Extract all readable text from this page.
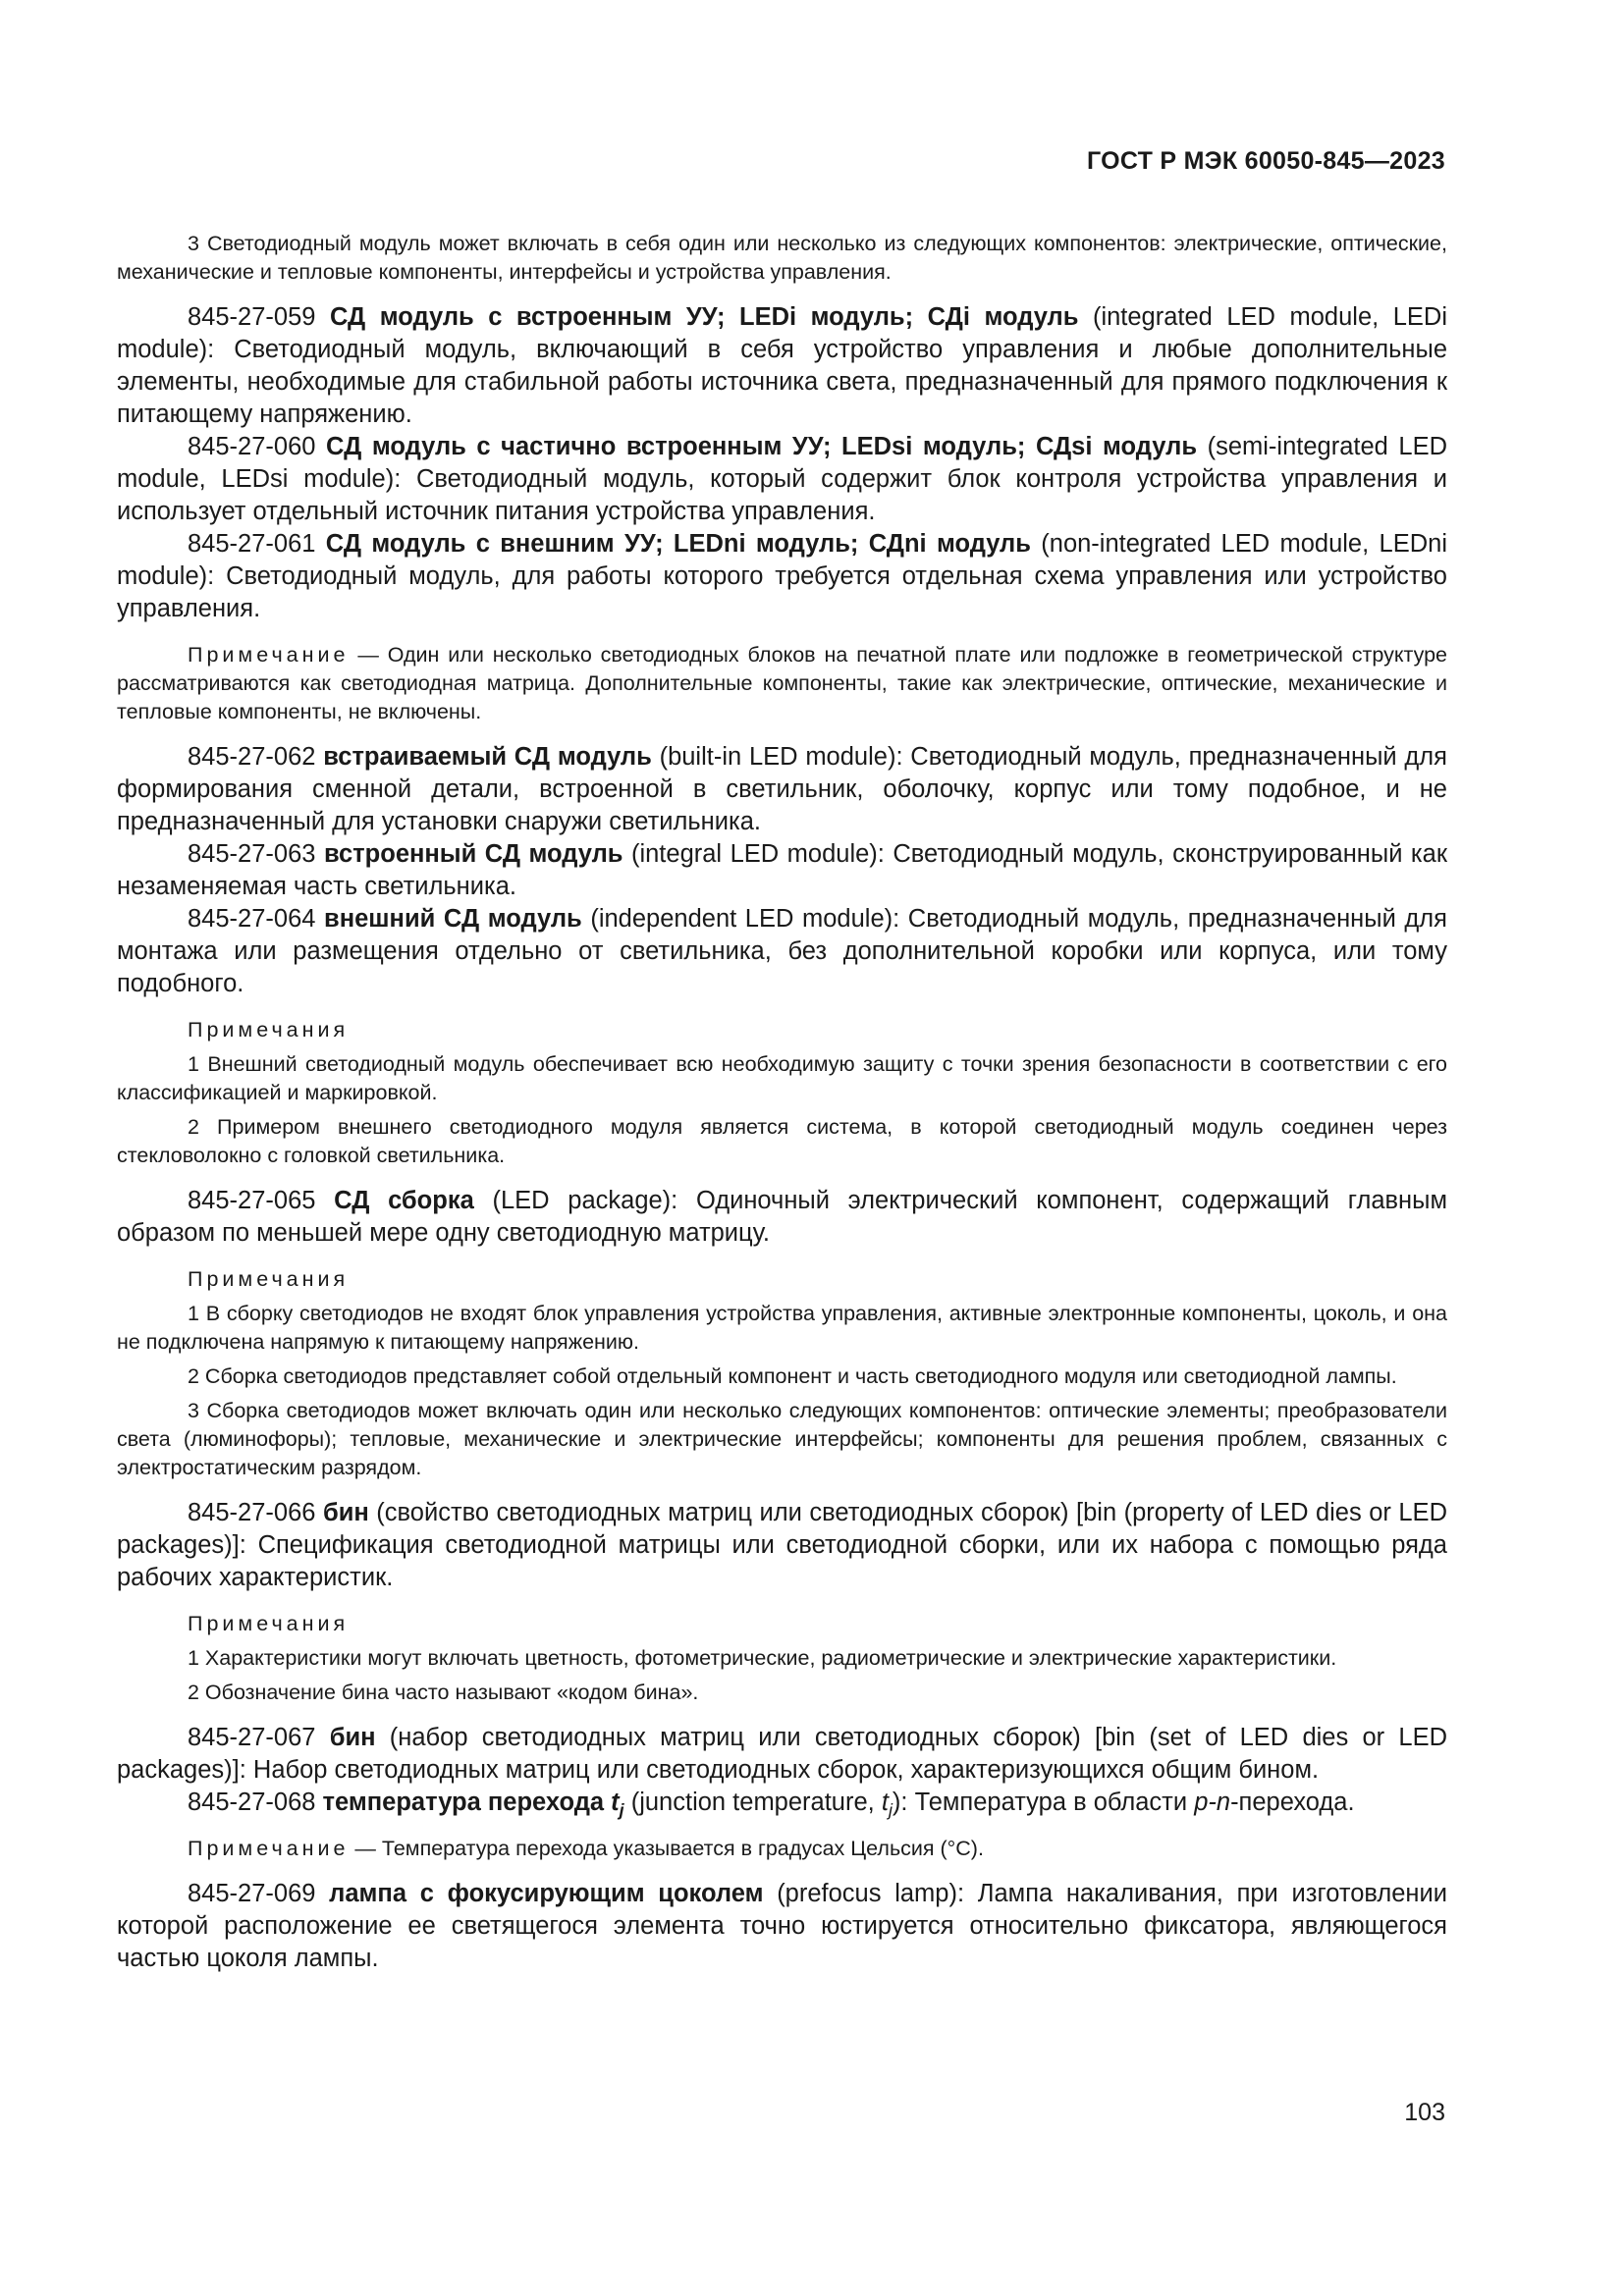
ГОСТ Р МЭК 60050-845—2023

3 Светодиодный модуль может включать в себя один или несколько из следующих компонентов: электрические, оптические, механические и тепловые компоненты, интерфейсы и устройства управления.

845-27-059 СД модуль с встроенным УУ; LEDi модуль; СДi модуль (integrated LED module, LEDi module): Светодиодный модуль, включающий в себя устройство управления и любые дополнительные элементы, необходимые для стабильной работы источника света, предназначенный для прямого подключения к питающему напряжению.

845-27-060 СД модуль с частично встроенным УУ; LEDsi модуль; СДsi модуль (semi-integrated LED module, LEDsi module): Светодиодный модуль, который содержит блок контроля устройства управления и использует отдельный источник питания устройства управления.

845-27-061 СД модуль с внешним УУ; LEDni модуль; СДni модуль (non-integrated LED module, LEDni module): Светодиодный модуль, для работы которого требуется отдельная схема управления или устройство управления.

Примечание — Один или несколько светодиодных блоков на печатной плате или подложке в геометрической структуре рассматриваются как светодиодная матрица. Дополнительные компоненты, такие как электрические, оптические, механические и тепловые компоненты, не включены.

845-27-062 встраиваемый СД модуль (built-in LED module): Светодиодный модуль, предназначенный для формирования сменной детали, встроенной в светильник, оболочку, корпус или тому подобное, и не предназначенный для установки снаружи светильника.

845-27-063 встроенный СД модуль (integral LED module): Светодиодный модуль, сконструированный как незаменяемая часть светильника.

845-27-064 внешний СД модуль (independent LED module): Светодиодный модуль, предназначенный для монтажа или размещения отдельно от светильника, без дополнительной коробки или корпуса, или тому подобного.

Примечания

1 Внешний светодиодный модуль обеспечивает всю необходимую защиту с точки зрения безопасности в соответствии с его классификацией и маркировкой.

2 Примером внешнего светодиодного модуля является система, в которой светодиодный модуль соединен через стекловолокно с головкой светильника.

845-27-065 СД сборка (LED package): Одиночный электрический компонент, содержащий главным образом по меньшей мере одну светодиодную матрицу.

Примечания

1 В сборку светодиодов не входят блок управления устройства управления, активные электронные компоненты, цоколь, и она не подключена напрямую к питающему напряжению.

2 Сборка светодиодов представляет собой отдельный компонент и часть светодиодного модуля или светодиодной лампы.

3 Сборка светодиодов может включать один или несколько следующих компонентов: оптические элементы; преобразователи света (люминофоры); тепловые, механические и электрические интерфейсы; компоненты для решения проблем, связанных с электростатическим разрядом.

845-27-066 бин (свойство светодиодных матриц или светодиодных сборок) [bin (property of LED dies or LED packages)]: Спецификация светодиодной матрицы или светодиодной сборки, или их набора с помощью ряда рабочих характеристик.

Примечания

1 Характеристики могут включать цветность, фотометрические, радиометрические и электрические характеристики.

2 Обозначение бина часто называют «кодом бина».

845-27-067 бин (набор светодиодных матриц или светодиодных сборок) [bin (set of LED dies or LED packages)]: Набор светодиодных матриц или светодиодных сборок, характеризующихся общим бином.

845-27-068 температура перехода $t_j$ (junction temperature, $t_j$): Температура в области p-n-перехода.

Примечание — Температура перехода указывается в градусах Цельсия (°C).

845-27-069 лампа с фокусирующим цоколем (prefocus lamp): Лампа накаливания, при изготовлении которой расположение ее светящегося элемента точно юстируется относительно фиксатора, являющегося частью цоколя лампы.

103
